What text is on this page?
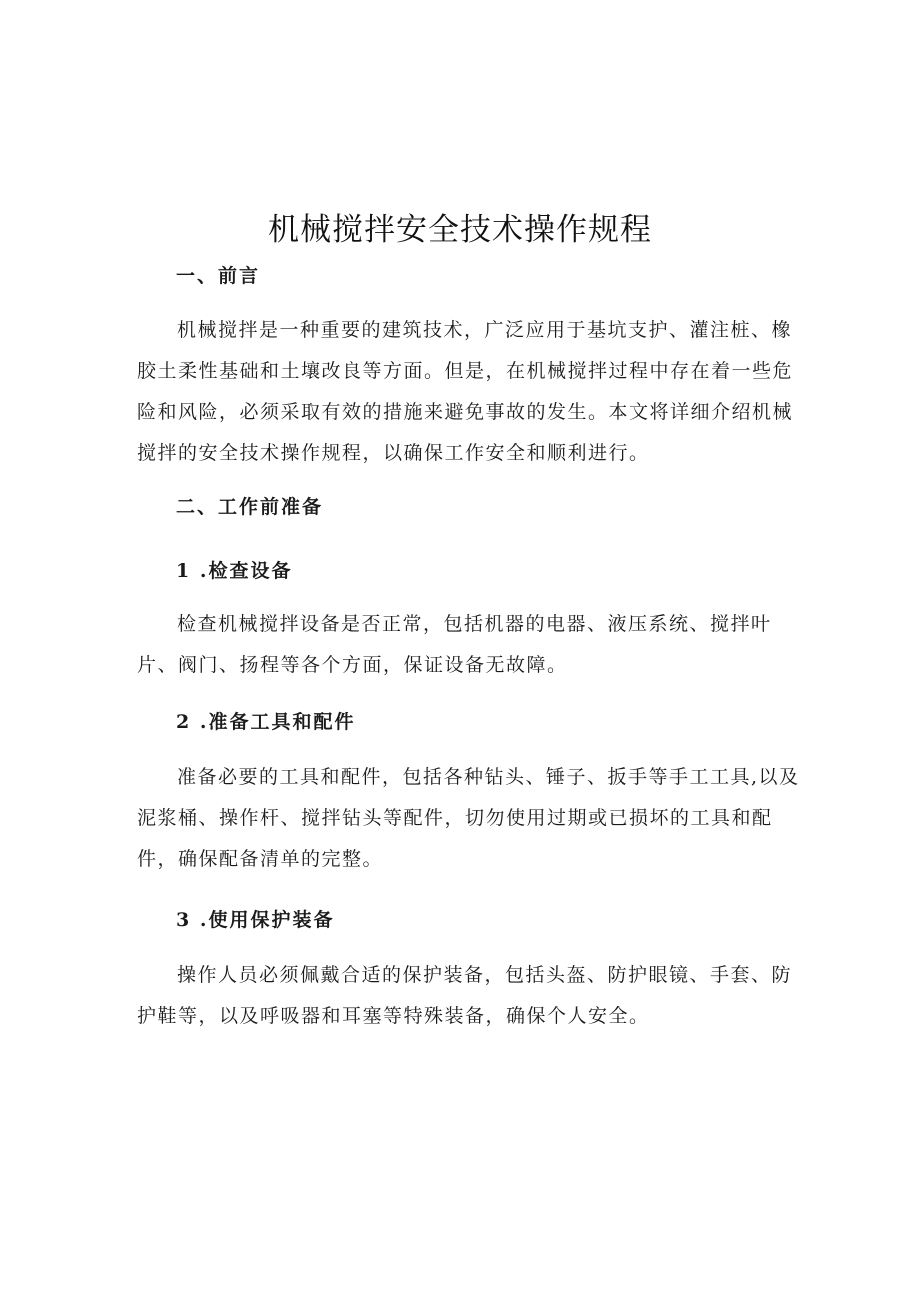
机械搅拌安全技术操作规程
一、前言
机械搅拌是一种重要的建筑技术，广泛应用于基坑支护、灌注桩、橡
胶土柔性基础和土壤改良等方面。但是，在机械搅拌过程中存在着一些危
险和风险，必须采取有效的措施来避免事故的发生。本文将详细介绍机械
搅拌的安全技术操作规程，以确保工作安全和顺利进行。
二、工作前准备
1 .检查设备
检查机械搅拌设备是否正常，包括机器的电器、液压系统、搅拌叶
片、阀门、扬程等各个方面，保证设备无故障。
2 .准备工具和配件
准备必要的工具和配件，包括各种钻头、锤子、扳手等手工工具,以及
泥浆桶、操作杆、搅拌钻头等配件，切勿使用过期或已损坏的工具和配
件，确保配备清单的完整。
3 .使用保护装备
操作人员必须佩戴合适的保护装备，包括头盔、防护眼镜、手套、防
护鞋等，以及呼吸器和耳塞等特殊装备，确保个人安全。
